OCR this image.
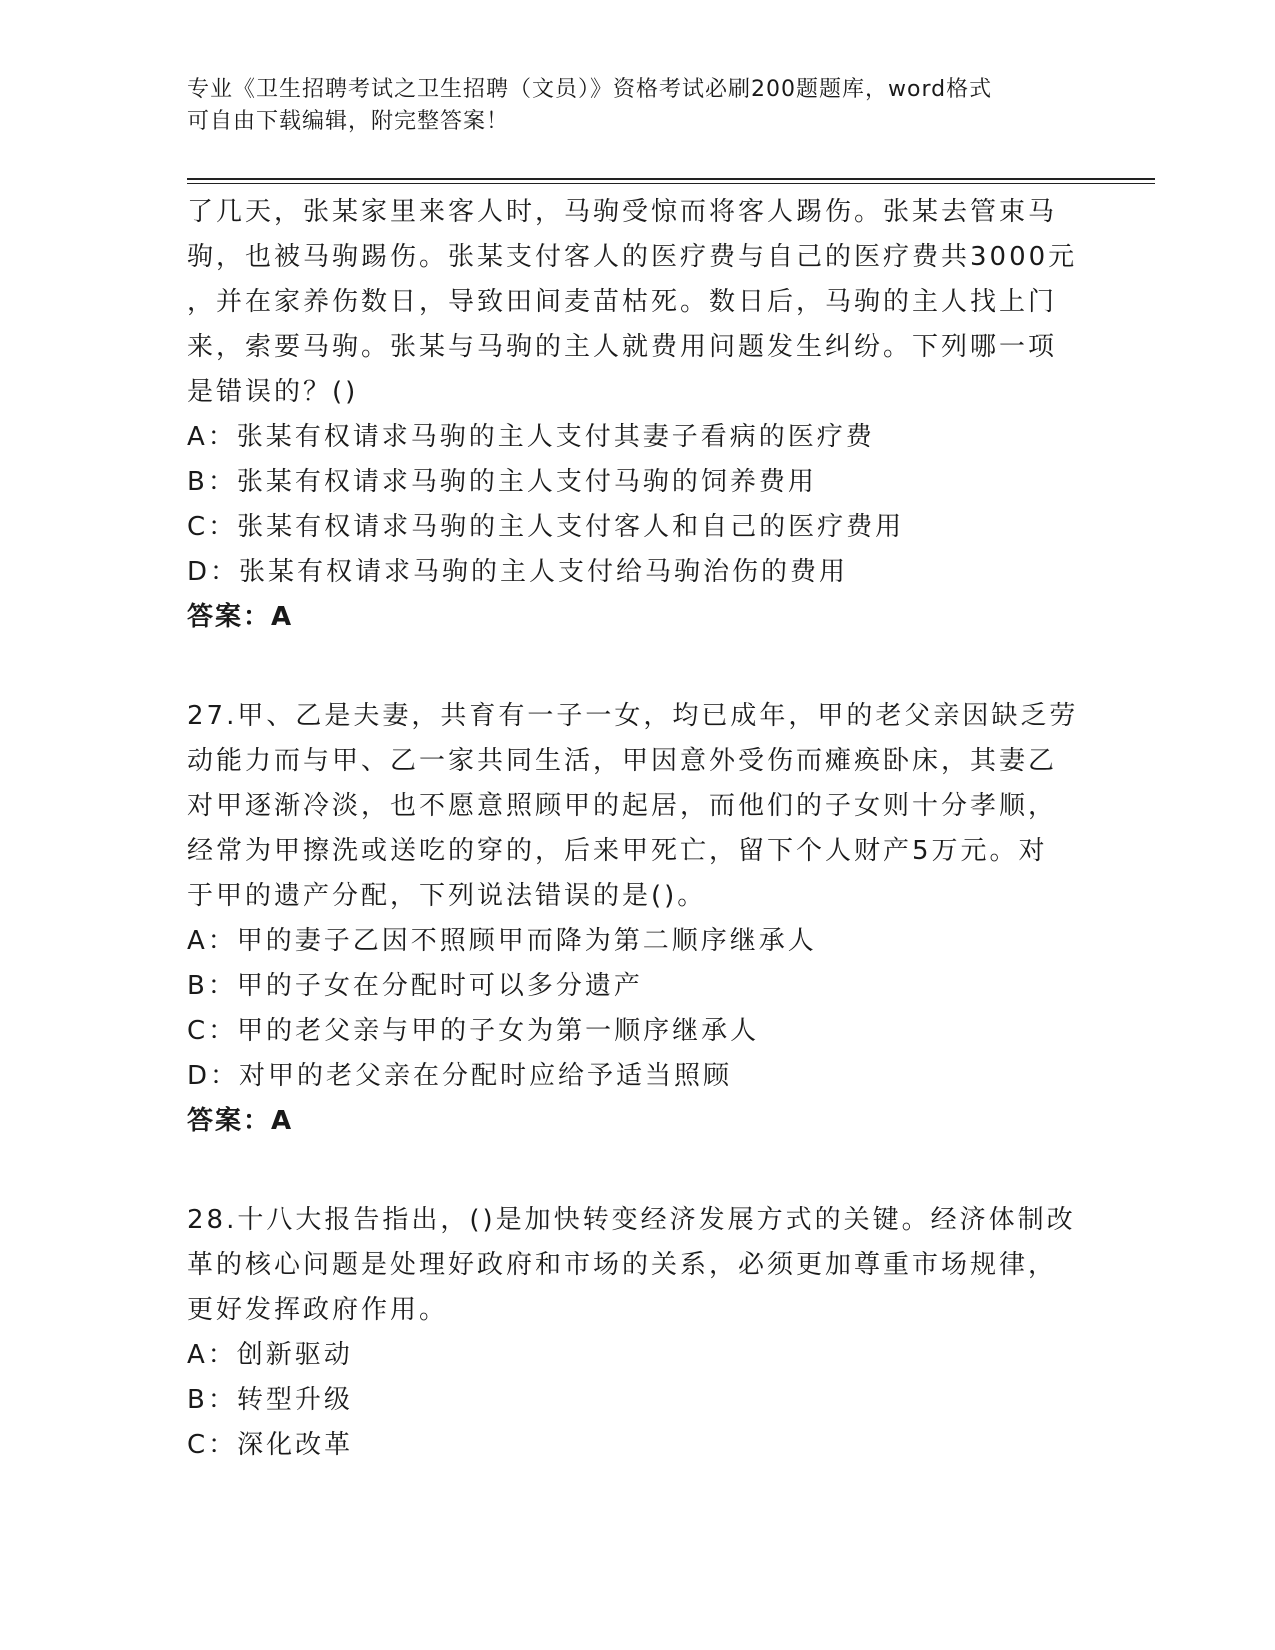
专业《卫生招聘考试之卫生招聘（文员）》资格考试必刷200题题库，word格式
可自由下载编辑，附完整答案！

了几天，张某家里来客人时，马驹受惊而将客人踢伤。张某去管束马

驹，也被马驹踢伤。张某支付客人的医疗费与自己的医疗费共3000元

，并在家养伤数日，导致田间麦苗枯死。数日后，马驹的主人找上门

来，索要马驹。张某与马驹的主人就费用问题发生纠纷。下列哪一项

是错误的？()

A：张某有权请求马驹的主人支付其妻子看病的医疗费

B：张某有权请求马驹的主人支付马驹的饲养费用

C：张某有权请求马驹的主人支付客人和自己的医疗费用

D：张某有权请求马驹的主人支付给马驹治伤的费用

答案：A

27.甲、乙是夫妻，共育有一子一女，均已成年，甲的老父亲因缺乏劳

动能力而与甲、乙一家共同生活，甲因意外受伤而瘫痪卧床，其妻乙

对甲逐渐冷淡，也不愿意照顾甲的起居，而他们的子女则十分孝顺，

经常为甲擦洗或送吃的穿的，后来甲死亡，留下个人财产5万元。对

于甲的遗产分配，下列说法错误的是()。

A：甲的妻子乙因不照顾甲而降为第二顺序继承人

B：甲的子女在分配时可以多分遗产

C：甲的老父亲与甲的子女为第一顺序继承人

D：对甲的老父亲在分配时应给予适当照顾

答案：A

28.十八大报告指出，()是加快转变经济发展方式的关键。经济体制改

革的核心问题是处理好政府和市场的关系，必须更加尊重市场规律，

更好发挥政府作用。

A：创新驱动

B：转型升级

C：深化改革
